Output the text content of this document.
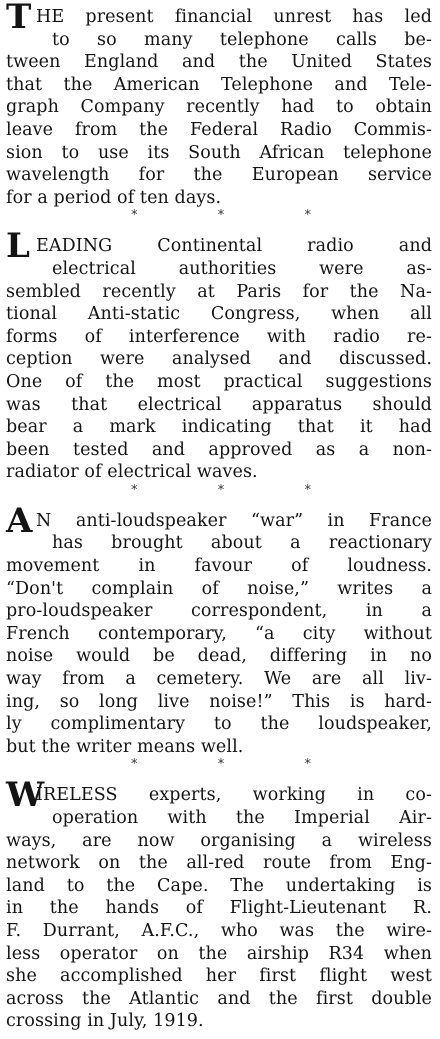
THE present financial unrest has led
to so many telephone calls be-
tween England and the United States
that the American Telephone and Tele-
graph Company recently had to obtain
leave from the Federal Radio Commis-
sion to use its South African telephone
wavelength for the European service
for a period of ten days.
*	*	*
LEADING Continental radio and
electrical authorities were as-
sembled recently at Paris for the Na-
tional Anti-static Congress, when all
forms of interference with radio re-
ception were analysed and discussed.
One of the most practical suggestions
was that electrical apparatus should
bear a mark indicating that it had
been tested and approved as a non-
radiator of electrical waves.
*	*	*
A N anti-loudspeaker “war” in France
has brought about a reactionary
movement in favour of loudness.
“Don't complain of noise,” writes a
pro-loudspeaker correspondent, in a
French contemporary, “a city without
noise would be dead, differing in no
way from a cemetery. We are all liv-
ing, so long live noise!” This is hard-
ly complimentary to the loudspeaker,
but the writer means well.
*	*	*
WIRELESS experts, working in co-
operation with the Imperial Air-
ways, are now organising a wireless
network on the all-red route from Eng-
land to the Cape. The undertaking is
in the hands of Flight-Lieutenant R.
F. Durrant, A.F.C., who was the wire-
less operator on the airship R34 when
she accomplished her first flight west
across the Atlantic and the first double
crossing in July, 1919.
